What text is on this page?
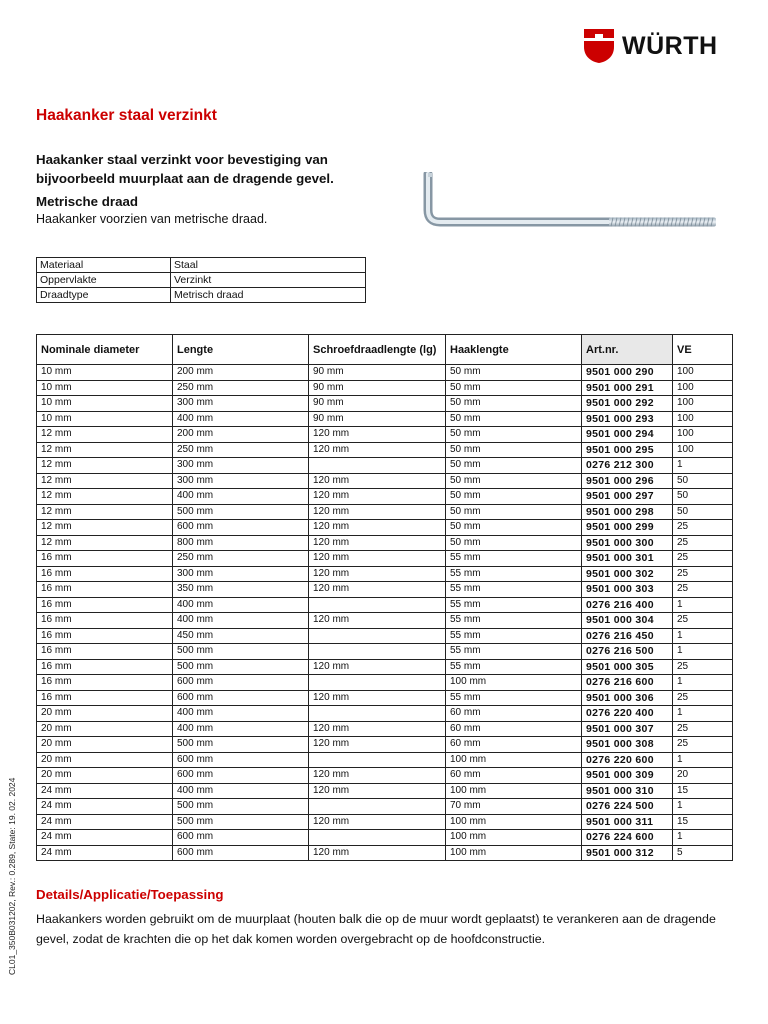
WÜRTH
Haakanker staal verzinkt
Haakanker staal verzinkt voor bevestiging van bijvoorbeeld muurplaat aan de dragende gevel.
Metrische draad
Haakanker voorzien van metrische draad.
Materiaal	Staal
Oppervlakte	Verzinkt
Draadtype	Metrisch draad
Nominale diameter	Lengte	Schroefdraadlengte (lg)	Haaklengte	Art.nr.	VE
10 mm	200 mm	90 mm	50 mm	9501 000 290	100
10 mm	250 mm	90 mm	50 mm	9501 000 291	100
10 mm	300 mm	90 mm	50 mm	9501 000 292	100
10 mm	400 mm	90 mm	50 mm	9501 000 293	100
12 mm	200 mm	120 mm	50 mm	9501 000 294	100
12 mm	250 mm	120 mm	50 mm	9501 000 295	100
12 mm	300 mm		50 mm	0276 212 300	1
12 mm	300 mm	120 mm	50 mm	9501 000 296	50
12 mm	400 mm	120 mm	50 mm	9501 000 297	50
12 mm	500 mm	120 mm	50 mm	9501 000 298	50
12 mm	600 mm	120 mm	50 mm	9501 000 299	25
12 mm	800 mm	120 mm	50 mm	9501 000 300	25
16 mm	250 mm	120 mm	55 mm	9501 000 301	25
16 mm	300 mm	120 mm	55 mm	9501 000 302	25
16 mm	350 mm	120 mm	55 mm	9501 000 303	25
16 mm	400 mm		55 mm	0276 216 400	1
16 mm	400 mm	120 mm	55 mm	9501 000 304	25
16 mm	450 mm		55 mm	0276 216 450	1
16 mm	500 mm		55 mm	0276 216 500	1
16 mm	500 mm	120 mm	55 mm	9501 000 305	25
16 mm	600 mm		100 mm	0276 216 600	1
16 mm	600 mm	120 mm	55 mm	9501 000 306	25
20 mm	400 mm		60 mm	0276 220 400	1
20 mm	400 mm	120 mm	60 mm	9501 000 307	25
20 mm	500 mm	120 mm	60 mm	9501 000 308	25
20 mm	600 mm		100 mm	0276 220 600	1
20 mm	600 mm	120 mm	60 mm	9501 000 309	20
24 mm	400 mm	120 mm	100 mm	9501 000 310	15
24 mm	500 mm		70 mm	0276 224 500	1
24 mm	500 mm	120 mm	100 mm	9501 000 311	15
24 mm	600 mm		100 mm	0276 224 600	1
24 mm	600 mm	120 mm	100 mm	9501 000 312	5
Details/Applicatie/Toepassing
Haakankers worden gebruikt om de muurplaat (houten balk die op de muur wordt geplaatst) te verankeren aan de dragende gevel, zodat de krachten die op het dak komen worden overgebracht op de hoofdconstructie.
CL01_350B031202, Rev.: 0.289, State: 19. 02. 2024
